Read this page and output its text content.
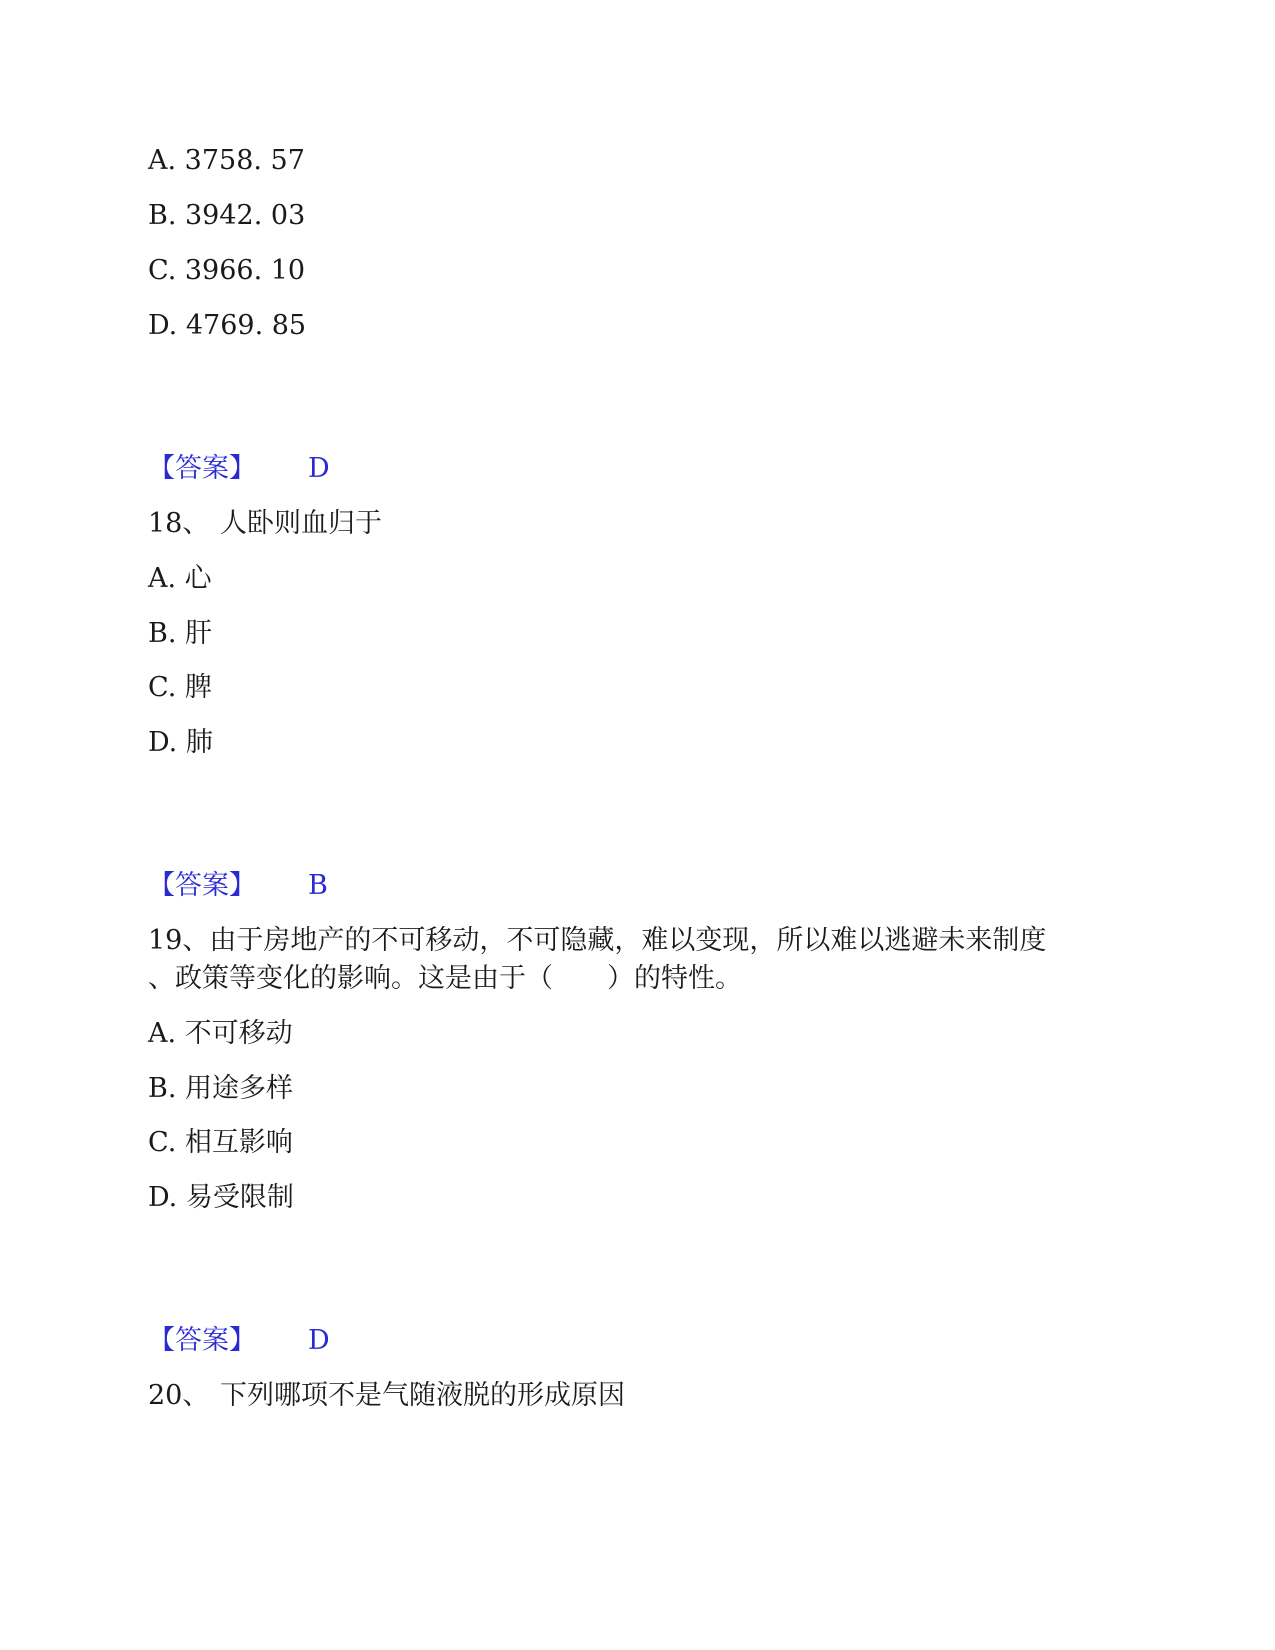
A. 3758. 57
B. 3942. 03
C. 3966. 10
D. 4769. 85
【答案】 D
18、 人卧则血归于
A. 心
B. 肝
C. 脾
D. 肺
【答案】 B
19、由于房地产的不可移动，不可隐藏，难以变现，所以难以逃避未来制度
、政策等变化的影响。这是由于（　　）的特性。
A. 不可移动
B. 用途多样
C. 相互影响
D. 易受限制
【答案】 D
20、 下列哪项不是气随液脱的形成原因
